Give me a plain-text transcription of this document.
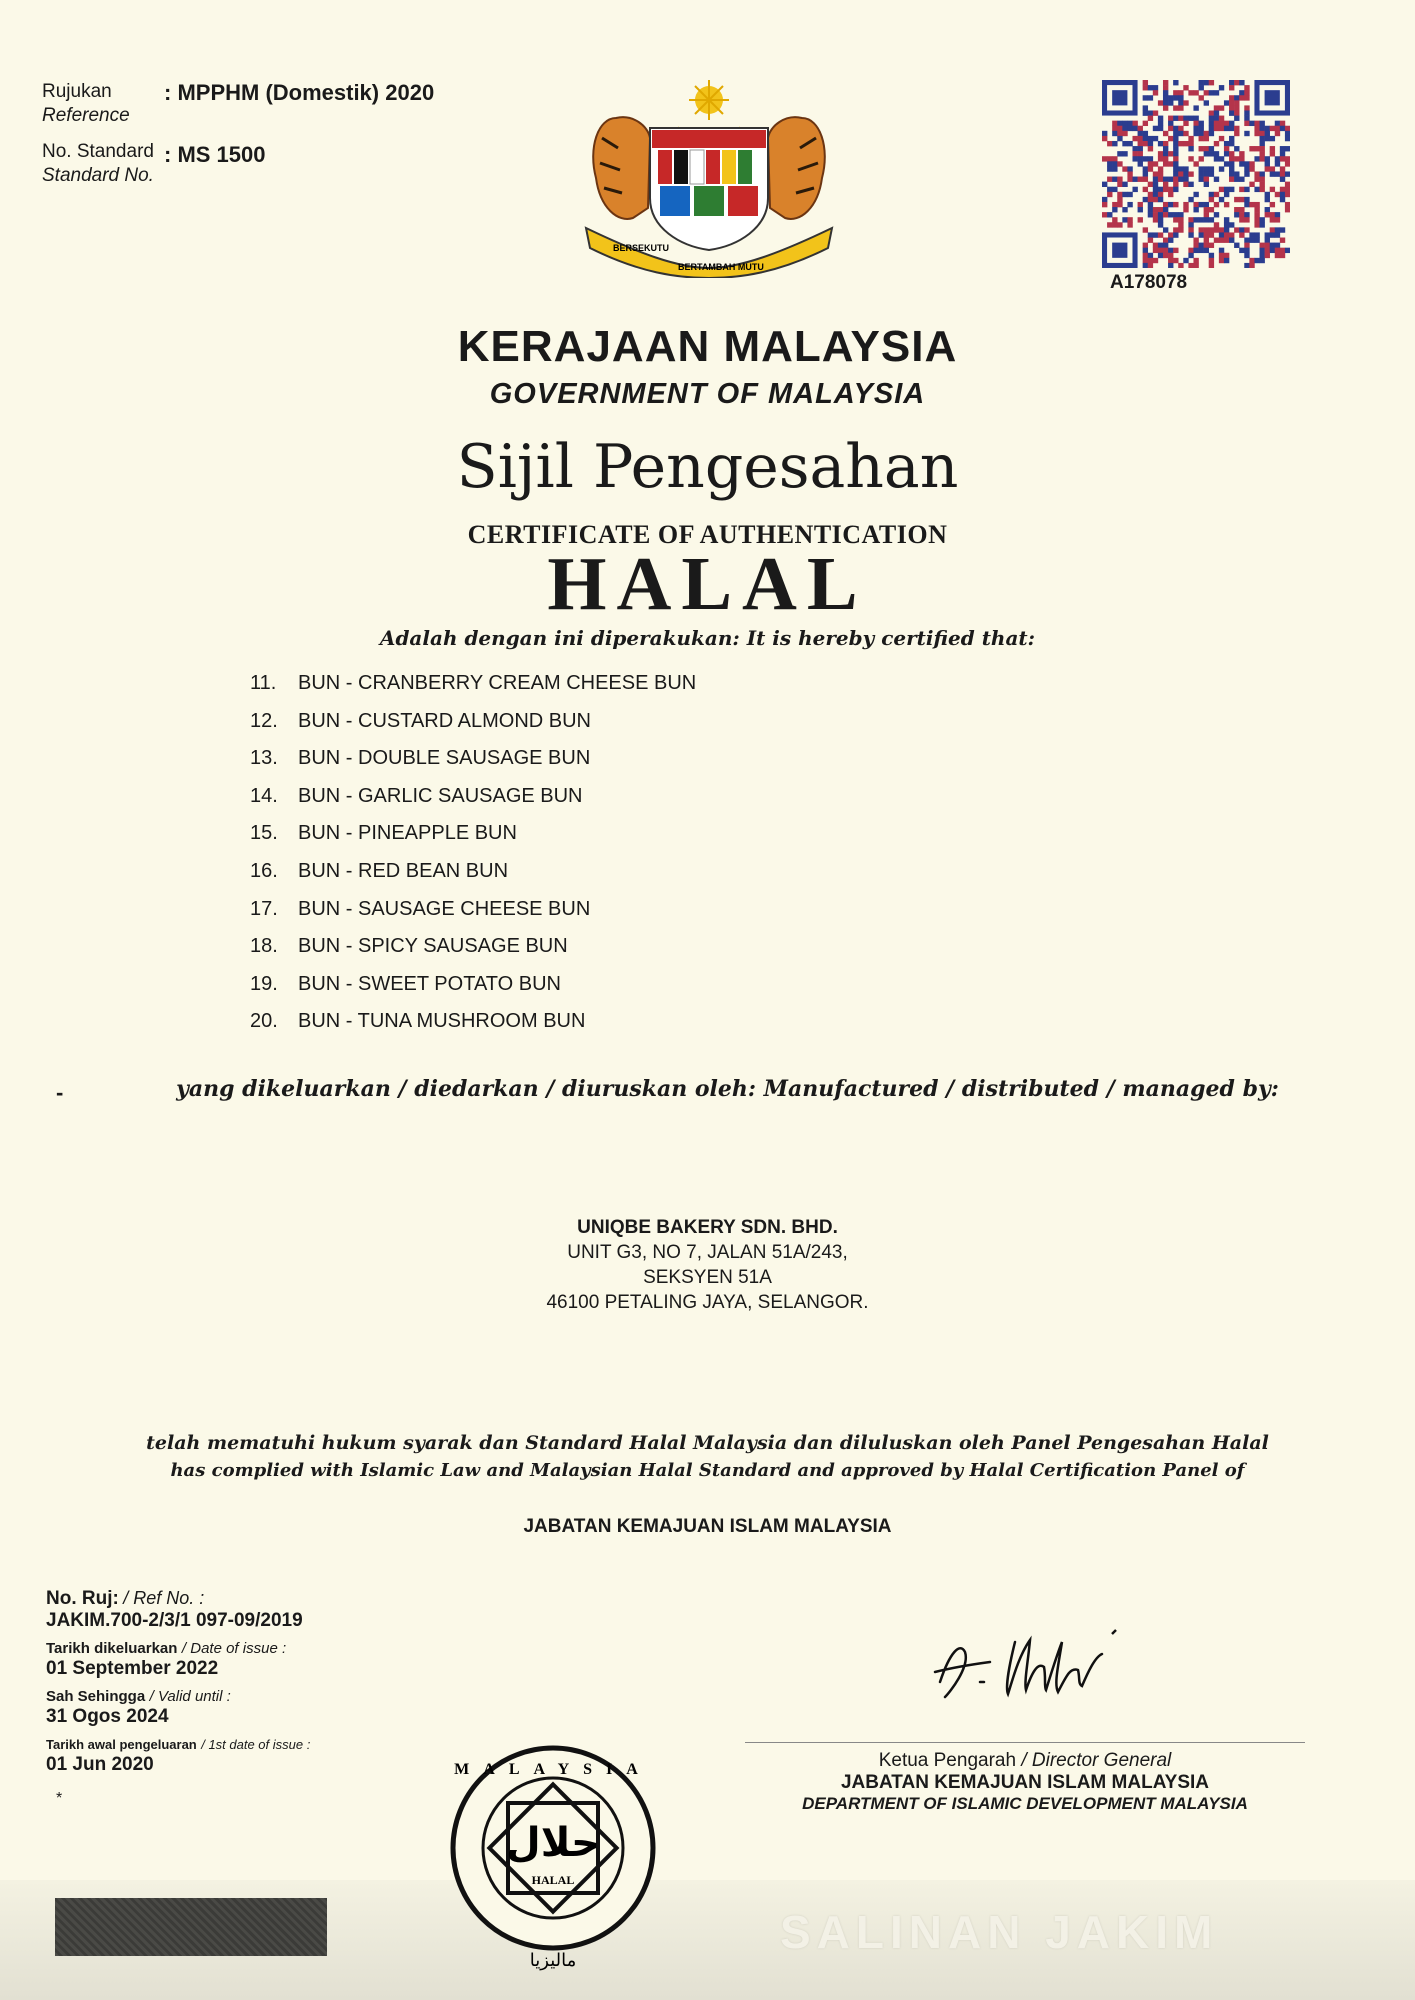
Rujukan
Reference
: MPPHM (Domestik) 2020
No. Standard
Standard No.
: MS 1500
BERSEKUTU
BERTAMBAH MUTU
A178078
KERAJAAN MALAYSIA
GOVERNMENT OF MALAYSIA
Sijil Pengesahan
CERTIFICATE OF AUTHENTICATION
HALAL
Adalah dengan ini diperakukan: It is hereby certified that:
11.	BUN - CRANBERRY CREAM CHEESE BUN
12.	BUN - CUSTARD ALMOND BUN
13.	BUN - DOUBLE SAUSAGE BUN
14.	BUN - GARLIC SAUSAGE BUN
15.	BUN - PINEAPPLE BUN
16.	BUN - RED BEAN BUN
17.	BUN - SAUSAGE CHEESE BUN
18.	BUN - SPICY SAUSAGE BUN
19.	BUN - SWEET POTATO BUN
20.	BUN - TUNA MUSHROOM BUN
-	yang dikeluarkan / diedarkan / diuruskan oleh: Manufactured / distributed / managed by:
UNIQBE BAKERY SDN. BHD.
UNIT G3, NO 7, JALAN 51A/243,
SEKSYEN 51A
46100 PETALING JAYA, SELANGOR.
telah mematuhi hukum syarak dan Standard Halal Malaysia dan diluluskan oleh Panel Pengesahan Halal
has complied with Islamic Law and Malaysian Halal Standard and approved by Halal Certification Panel of
JABATAN KEMAJUAN ISLAM MALAYSIA
No. Ruj: / Ref No. :
JAKIM.700-2/3/1 097-09/2019
Tarikh dikeluarkan / Date of issue :
01 September 2022
Sah Sehingga / Valid until :
31 Ogos 2024
Tarikh awal pengeluaran / 1st date of issue :
01 Jun 2020
*
Ketua Pengarah / Director General
JABATAN KEMAJUAN ISLAM MALAYSIA
DEPARTMENT OF ISLAMIC DEVELOPMENT MALAYSIA
SALINAN JAKIM
MALAYSIA
حلال
HALAL
ماليزيا
